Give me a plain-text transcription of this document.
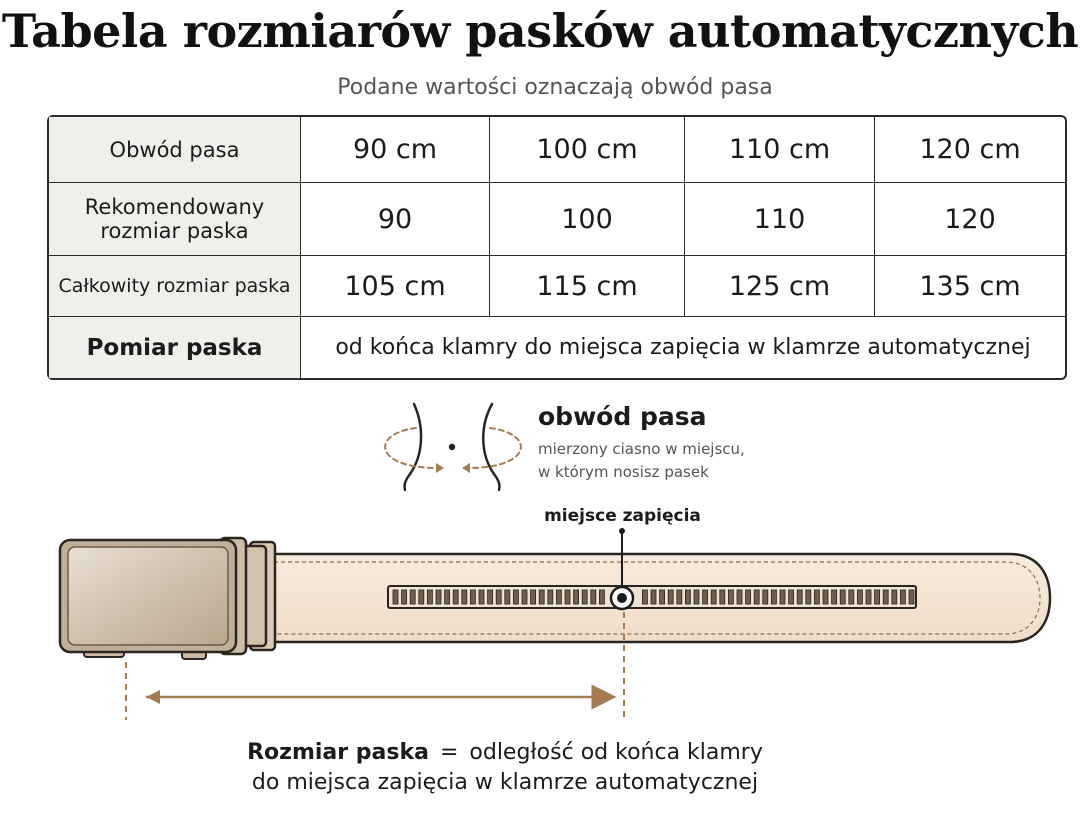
Tabela rozmiarów pasków automatycznych
Podane wartości oznaczają obwód pasa
Obwód pasa	90 cm	100 cm	110 cm	120 cm

Rekomendowany
rozmiar paska	90	100	110	120
Całkowity rozmiar paska	105 cm	115 cm	125 cm	135 cm
Pomiar paska	od końca klamry do miejsca zapięcia w klamrze automatycznej			
obwód pasa
mierzony ciasno w miejscu,
w którym nosisz pasek
miejsce zapięcia
Rozmiar paska = odległość od końca klamry
do miejsca zapięcia w klamrze automatycznej
